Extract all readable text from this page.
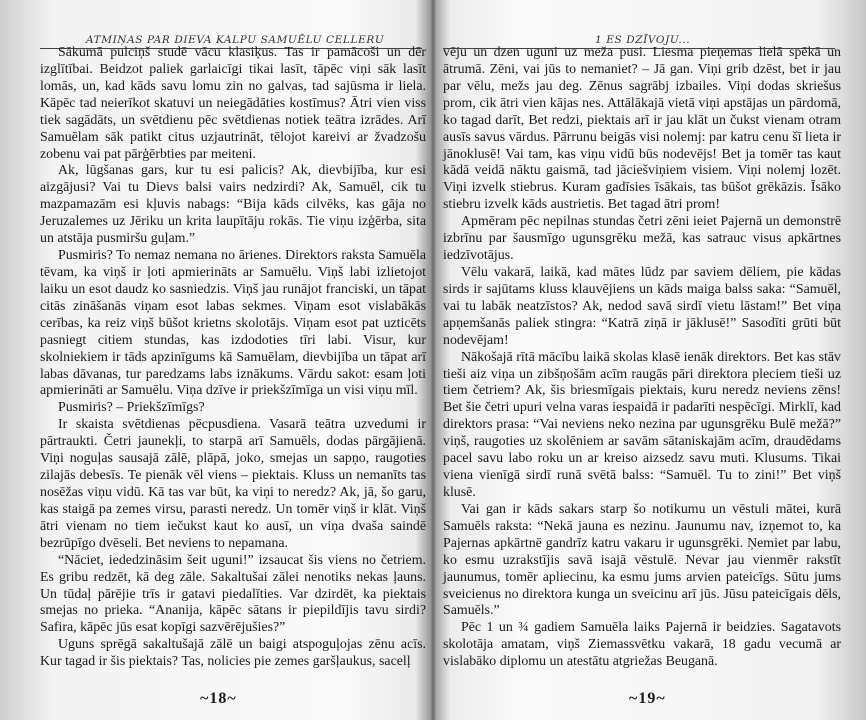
ATMIŅAS PAR DIEVA KALPU SAMUĒLU CELLERU

Sākumā pulciņš studē vācu klasiķus. Tas ir pamācoši un dēr izglītībai. Beidzot paliek garlaicīgi tikai lasīt, tāpēc viņi sāk lasīt lomās, un, kad kāds savu lomu zin no galvas, tad sajūsma ir liela. Kāpēc tad neierīkot skatuvi un neiegādāties kostīmus? Ātri vien viss tiek sagādāts, un svētdienu pēc svētdienas notiek teātra izrādes. Arī Samuēlam sāk patikt citus uzjautrināt, tēlojot kareivi ar žvadzošu zobenu vai pat pārģērbties par meiteni.

Ak, lūgšanas gars, kur tu esi palicis? Ak, dievbijība, kur esi aizgājusi? Vai tu Dievs balsi vairs nedzirdi? Ak, Samuēl, cik tu mazpamazām esi kļuvis nabags: “Bija kāds cilvēks, kas gāja no Jeruzalemes uz Jēriku un krita laupītāju rokās. Tie viņu izģērba, sita un atstāja pusmiršu guļam.”

Pusmiris? To nemaz nemana no ārienes. Direktors raksta Samuēla tēvam, ka viņš ir ļoti apmierināts ar Samuēlu. Viņš labi izlietojot laiku un esot daudz ko sasniedzis. Viņš jau runājot franciski, un tāpat citās zināšanās viņam esot labas sekmes. Viņam esot vislabākās cerības, ka reiz viņš būšot krietns skolotājs. Viņam esot pat uzticēts pasniegt citiem stundas, kas izdodoties tīri labi. Visur, kur skolniekiem ir tāds apzinīgums kā Samuēlam, dievbijība un tāpat arī labas dāvanas, tur paredzams labs iznākums. Vārdu sakot: esam ļoti apmierināti ar Samuēlu. Viņa dzīve ir priekšzīmīga un visi viņu mīl.

Pusmiris? – Priekšzīmīgs?

Ir skaista svētdienas pēcpusdiena. Vasarā teātra uzvedumi ir pārtraukti. Četri jaunekļi, to starpā arī Samuēls, dodas pārgājienā. Viņi noguļas sausajā zālē, plāpā, joko, smejas un sapņo, raugoties zilajās debesīs. Te pienāk vēl viens – piektais. Kluss un nemanīts tas nosēžas viņu vidū. Kā tas var būt, ka viņi to neredz? Ak, jā, šo garu, kas staigā pa zemes virsu, parasti neredz. Un tomēr viņš ir klāt. Viņš ātri vienam no tiem iečukst kaut ko ausī, un viņa dvaša saindē bezrūpīgo dvēseli. Bet neviens to nepamana.

“Nāciet, iededzināsim šeit uguni!” izsaucat šis viens no četriem. Es gribu redzēt, kā deg zāle. Sakaltušai zālei nenotiks nekas ļauns. Un tūdaļ pārējie trīs ir gatavi piedalīties. Var dzirdēt, ka piektais smejas no prieka. “Ananija, kāpēc sātans ir piepildījis tavu sirdi? Safira, kāpēc jūs esat kopīgi sazvērējušies?”

Uguns sprēgā sakaltušajā zālē un baigi atspoguļojas zēnu acīs. Kur tagad ir šis piektais? Tas, nolicies pie zemes garšļaukus, sacelļ

~18~
1 ES DZĪVOJU...

vēju un dzen uguni uz meža pusi. Liesma pieņemas lielā spēkā un ātrumā. Zēni, vai jūs to nemaniet? – Jā gan. Viņi grib dzēst, bet ir jau par vēlu, mežs jau deg. Zēnus sagrābj izbailes. Viņi dodas skriešus prom, cik ātri vien kājas nes. Attālākajā vietā viņi apstājas un pārdomā, ko tagad darīt, Bet redzi, piektais arī ir jau klāt un čukst vienam otram ausīs savus vārdus. Pārrunu beigās visi nolemj: par katru cenu šī lieta ir jānoklusē! Vai tam, kas viņu vidū būs nodevējs! Bet ja tomēr tas kaut kādā veidā nāktu gaismā, tad jāciešviņiem visiem. Viņi nolemj lozēt. Viņi izvelk stiebrus. Kuram gadīsies īsākais, tas būšot grēkāzis. Īsāko stiebru izvelk kāds austrietis. Bet tagad ātri prom!

Apmēram pēc nepilnas stundas četri zēni ieiet Pajernā un demonstrē izbrīnu par šausmīgo ugunsgrēku mežā, kas satrauc visus apkārtnes iedzīvotājus.

Vēlu vakarā, laikā, kad mātes lūdz par saviem dēliem, pie kādas sirds ir sajūtams kluss klauvējiens un kāds maiga balss saka: “Samuēl, vai tu labāk neatzīstos? Ak, nedod savā sirdī vietu lāstam!” Bet viņa apņemšanās paliek stingra: “Katrā ziņā ir jāklusē!” Sasodīti grūti būt nodevējam!

Nākošajā rītā mācību laikā skolas klasē ienāk direktors. Bet kas stāv tieši aiz viņa un zibšņošām acīm raugās pāri direktora pleciem tieši uz tiem četriem? Ak, šis briesmīgais piektais, kuru neredz neviens zēns! Bet šie četri upuri velna varas iespaidā ir padarīti nespēcīgi. Mirklī, kad direktors prasa: “Vai neviens neko nezina par ugunsgrēku Bulē mežā?” viņš, raugoties uz skolēniem ar savām sātaniskajām acīm, draudēdams pacel savu labo roku un ar kreiso aizsedz savu muti. Klusums. Tikai viena vienīgā sirdī runā svētā balss: “Samuēl. Tu to zini!” Bet viņš klusē.

Vai gan ir kāds sakars starp šo notikumu un vēstuli mātei, kurā Samuēls raksta: “Nekā jauna es nezinu. Jaunumu nav, izņemot to, ka Pajernas apkārtnē gandrīz katru vakaru ir ugunsgrēki. Ņemiet par labu, ko esmu uzrakstījis savā isajā vēstulē. Nevar jau vienmēr rakstīt jaunumus, tomēr apliecinu, ka esmu jums arvien pateicīgs. Sūtu jums sveicienus no direktora kunga un sveicinu arī jūs. Jūsu pateicīgais dēls, Samuēls.”

Pēc 1 un ¾ gadiem Samuēla laiks Pajernā ir beidzies. Sagatavots skolotāja amatam, viņš Ziemassvētku vakarā, 18 gadu vecumā ar vislabāko diplomu un atestātu atgriežas Beuganā.

~19~
